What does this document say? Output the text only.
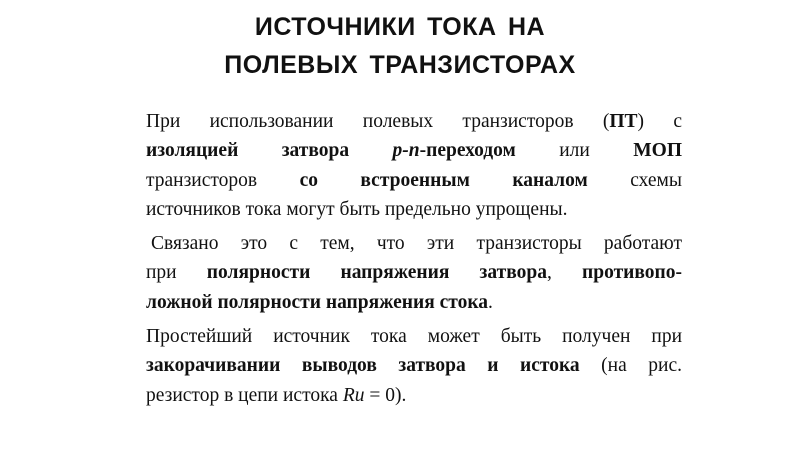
ИСТОЧНИКИ ТОКА НА
ПОЛЕВЫХ ТРАНЗИСТОРАХ

При использовании полевых транзисторов (ПТ) с
изоляцией затвора p-n-переходом или МОП
транзисторов со встроенным каналом схемы
источников тока могут быть предельно упрощены.

Связано это с тем, что эти транзисторы работают
при полярности напряжения затвора, противопо-
ложной полярности напряжения стока.

Простейший источник тока может быть получен при
закорачивании выводов затвора и истока (на рис.
резистор в цепи истока Rи = 0).
